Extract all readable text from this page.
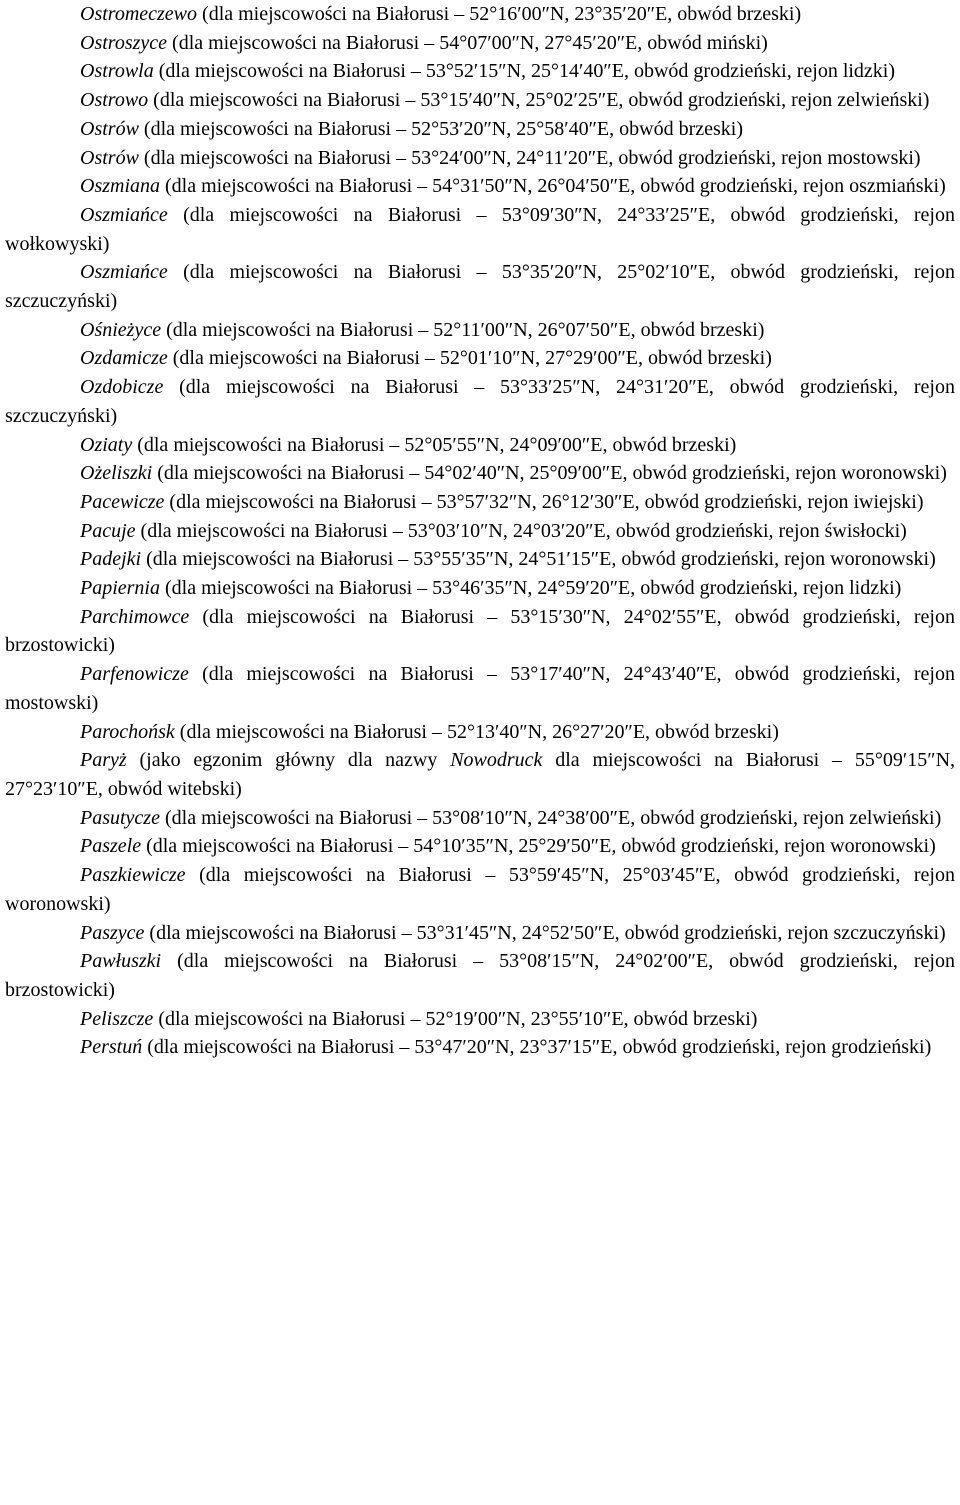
Ostromeczewo (dla miejscowości na Białorusi – 52°16′00″N, 23°35′20″E, obwód brzeski)

Ostroszyce (dla miejscowości na Białorusi – 54°07′00″N, 27°45′20″E, obwód miński)

Ostrowla (dla miejscowości na Białorusi – 53°52′15″N, 25°14′40″E, obwód grodzieński, rejon lidzki)

Ostrowo (dla miejscowości na Białorusi – 53°15′40″N, 25°02′25″E, obwód grodzieński, rejon zelwieński)

Ostrów (dla miejscowości na Białorusi – 52°53′20″N, 25°58′40″E, obwód brzeski)

Ostrów (dla miejscowości na Białorusi – 53°24′00″N, 24°11′20″E, obwód grodzieński, rejon mostowski)

Oszmiana (dla miejscowości na Białorusi – 54°31′50″N, 26°04′50″E, obwód grodzieński, rejon oszmiański)

Oszmiańce (dla miejscowości na Białorusi – 53°09′30″N, 24°33′25″E, obwód grodzieński, rejon wołkowyski)

Oszmiańce (dla miejscowości na Białorusi – 53°35′20″N, 25°02′10″E, obwód grodzieński, rejon szczuczyński)

Ośnieżyce (dla miejscowości na Białorusi – 52°11′00″N, 26°07′50″E, obwód brzeski)

Ozdamicze (dla miejscowości na Białorusi – 52°01′10″N, 27°29′00″E, obwód brzeski)

Ozdobicze (dla miejscowości na Białorusi – 53°33′25″N, 24°31′20″E, obwód grodzieński, rejon szczuczyński)

Oziaty (dla miejscowości na Białorusi – 52°05′55″N, 24°09′00″E, obwód brzeski)

Ożeliszki (dla miejscowości na Białorusi – 54°02′40″N, 25°09′00″E, obwód grodzieński, rejon woronowski)

Pacewicze (dla miejscowości na Białorusi – 53°57′32″N, 26°12′30″E, obwód grodzieński, rejon iwiejski)

Pacuje (dla miejscowości na Białorusi – 53°03′10″N, 24°03′20″E, obwód grodzieński, rejon świsłocki)

Padejki (dla miejscowości na Białorusi – 53°55′35″N, 24°51′15″E, obwód grodzieński, rejon woronowski)

Papiernia (dla miejscowości na Białorusi – 53°46′35″N, 24°59′20″E, obwód grodzieński, rejon lidzki)

Parchimowce (dla miejscowości na Białorusi – 53°15′30″N, 24°02′55″E, obwód grodzieński, rejon brzostowicki)

Parfenowicze (dla miejscowości na Białorusi – 53°17′40″N, 24°43′40″E, obwód grodzieński, rejon mostowski)

Parochońsk (dla miejscowości na Białorusi – 52°13′40″N, 26°27′20″E, obwód brzeski)

Paryż (jako egzonim główny dla nazwy Nowodruck dla miejscowości na Białorusi – 55°09′15″N, 27°23′10″E, obwód witebski)

Pasutycze (dla miejscowości na Białorusi – 53°08′10″N, 24°38′00″E, obwód grodzieński, rejon zelwieński)

Paszele (dla miejscowości na Białorusi – 54°10′35″N, 25°29′50″E, obwód grodzieński, rejon woronowski)

Paszkiewicze (dla miejscowości na Białorusi – 53°59′45″N, 25°03′45″E, obwód grodzieński, rejon woronowski)

Paszyce (dla miejscowości na Białorusi – 53°31′45″N, 24°52′50″E, obwód grodzieński, rejon szczuczyński)

Pawłuszki (dla miejscowości na Białorusi – 53°08′15″N, 24°02′00″E, obwód grodzieński, rejon brzostowicki)

Peliszcze (dla miejscowości na Białorusi – 52°19′00″N, 23°55′10″E, obwód brzeski)

Perstuń (dla miejscowości na Białorusi – 53°47′20″N, 23°37′15″E, obwód grodzieński, rejon grodzieński)
